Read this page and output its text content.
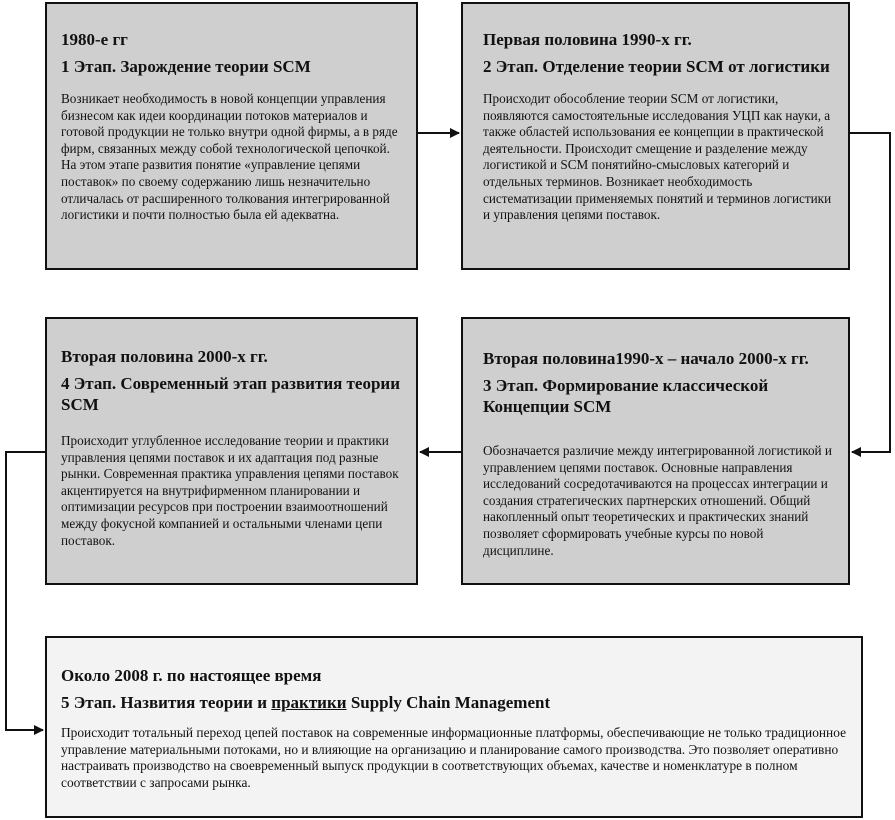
1980-е гг

1 Этап. Зарождение теории SCM

Возникает необходимость в новой концепции управления бизнесом как идеи координации потоков материалов и готовой продукции не только внутри одной фирмы, а в ряде фирм, связанных между собой технологической цепочкой. На этом этапе развития понятие «управление цепями поставок» по своему содержанию лишь незначительно отличалась от расширенного толкования интегрированной логистики и почти полностью была ей адекватна.

Первая половина 1990-х гг.

2 Этап. Отделение теории SCM от логистики

Происходит обособление теории SCM от логистики, появляются самостоятельные исследования УЦП как науки, а также областей использования ее концепции в практической деятельности. Происходит смещение и разделение между логистикой и SCM понятийно-смысловых категорий и отдельных терминов. Возникает необходимость систематизации применяемых понятий и терминов логистики и управления цепями поставок.

Вторая половина1990-х – начало 2000-х гг.

3 Этап. Формирование классической Концепции SCM

Обозначается различие между интегрированной логистикой и управлением цепями поставок. Основные направления исследований сосредотачиваются на процессах интеграции и создания стратегических партнерских отношений. Общий накопленный опыт теоретических и практических знаний позволяет сформировать учебные курсы по новой дисциплине.

Вторая половина 2000-х гг.

4 Этап. Современный этап развития теории SCM

Происходит углубленное исследование теории и практики управления цепями поставок и их адаптация под разные рынки. Современная практика управления цепями поставок акцентируется на внутрифирменном планировании и оптимизации ресурсов при построении взаимоотношений между фокусной компанией и остальными членами цепи поставок.

Около 2008 г. по настоящее время

5 Этап. Назвития теории и практики Supply Chain Management

Происходит тотальный переход цепей поставок на современные информационные платформы, обеспечивающие не только традиционное управление материальными потоками, но и влияющие на организацию и планирование самого производства. Это позволяет оперативно настраивать производство на своевременный выпуск продукции в соответствующих объемах, качестве и номенклатуре в полном соответствии с запросами рынка.
